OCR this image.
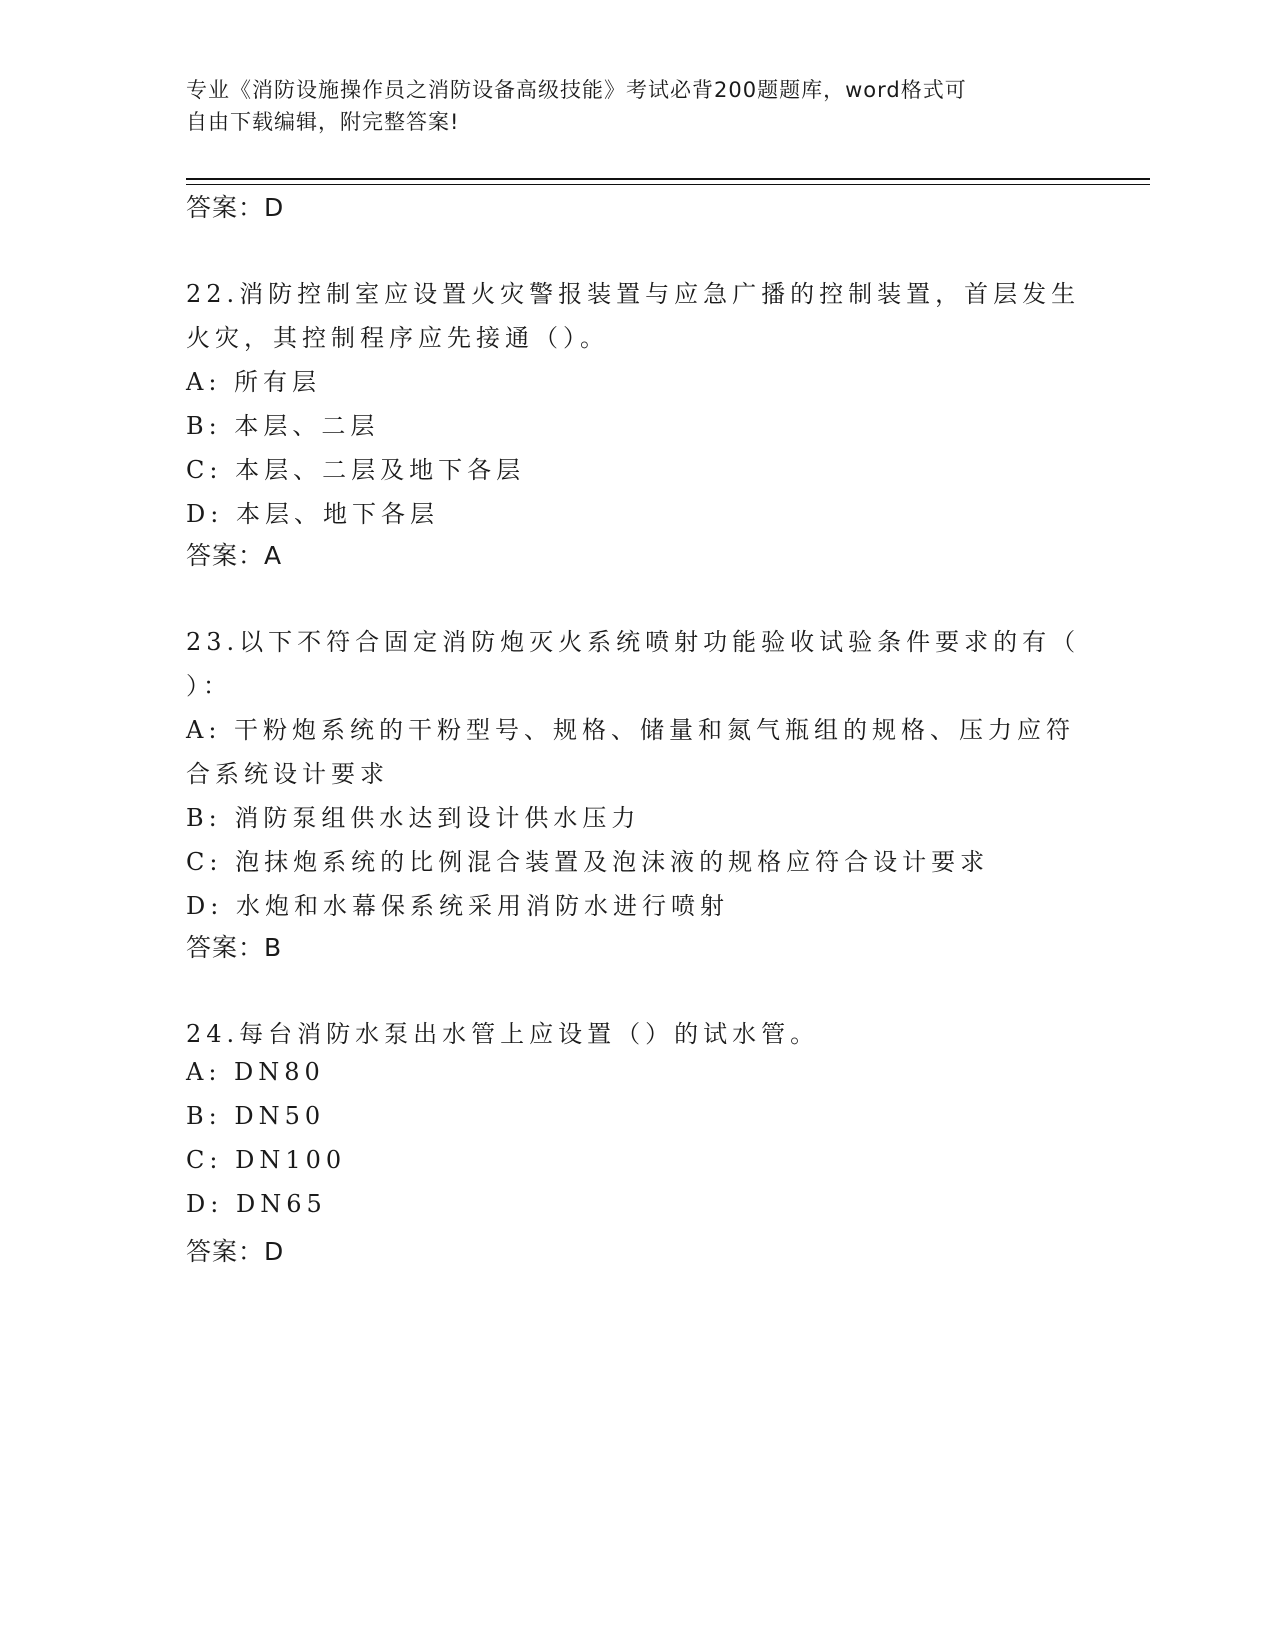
专业《消防设施操作员之消防设备高级技能》考试必背200题题库，word格式可
自由下载编辑，附完整答案!
答案：D
22.消防控制室应设置火灾警报装置与应急广播的控制装置，首层发生
火灾，其控制程序应先接通（）。
A: 所有层
B: 本层、二层
C: 本层、二层及地下各层
D: 本层、地下各层
答案：A
23.以下不符合固定消防炮灭火系统喷射功能验收试验条件要求的有（
）：
A: 干粉炮系统的干粉型号、规格、储量和氮气瓶组的规格、压力应符
合系统设计要求
B: 消防泵组供水达到设计供水压力
C: 泡抹炮系统的比例混合装置及泡沫液的规格应符合设计要求
D: 水炮和水幕保系统采用消防水进行喷射
答案：B
24.每台消防水泵出水管上应设置（）的试水管。
A: DN80
B: DN50
C: DN100
D: DN65
答案：D
